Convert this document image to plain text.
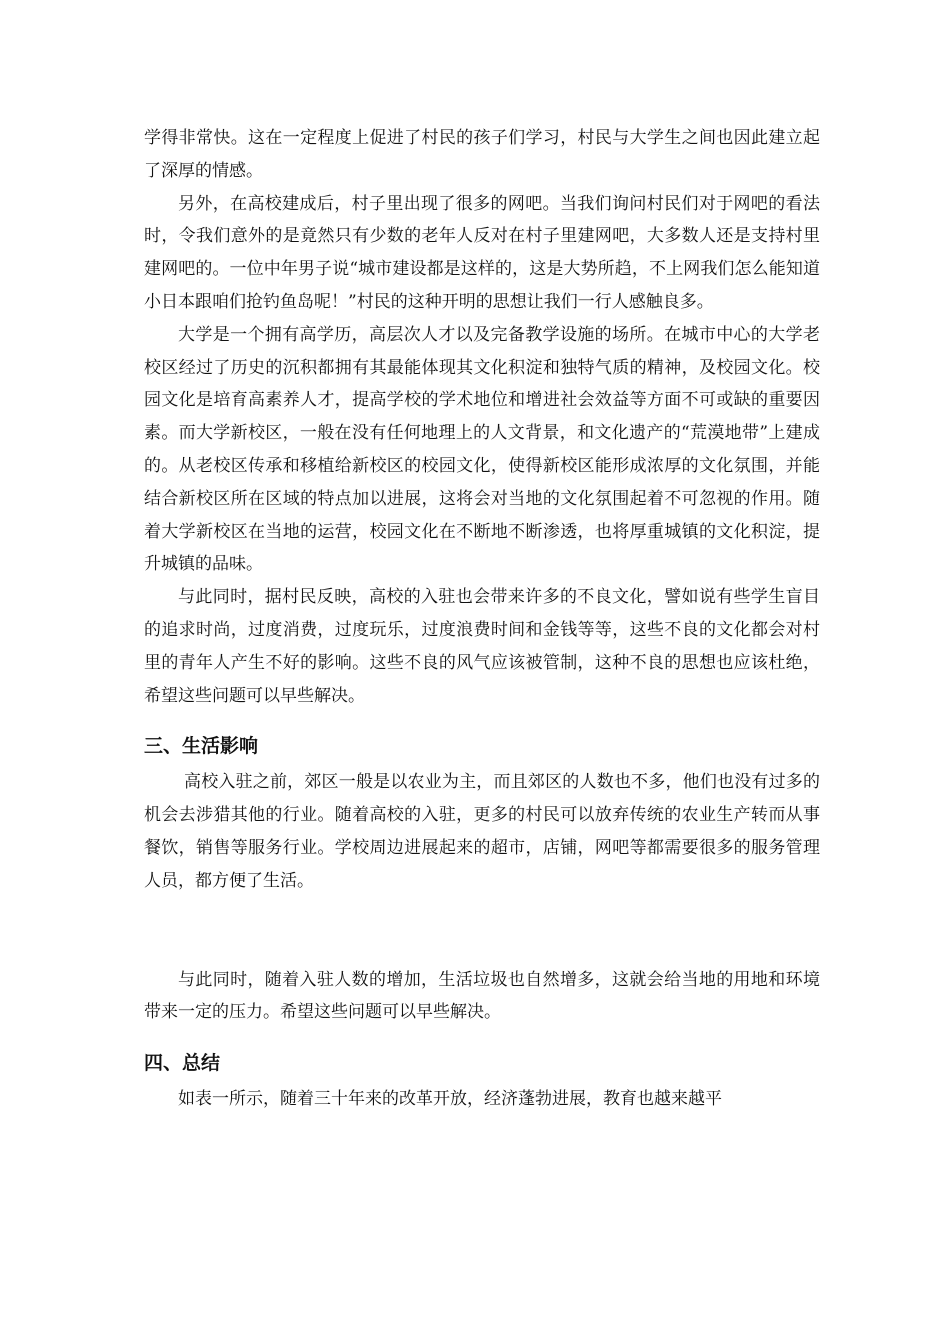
学得非常快。这在一定程度上促进了村民的孩子们学习，村民与大学生之间也因此建立起了深厚的情感。

另外，在高校建成后，村子里出现了很多的网吧。当我们询问村民们对于网吧的看法时，令我们意外的是竟然只有少数的老年人反对在村子里建网吧，大多数人还是支持村里建网吧的。一位中年男子说“城市建设都是这样的，这是大势所趋，不上网我们怎么能知道小日本跟咱们抢钓鱼岛呢！”村民的这种开明的思想让我们一行人感触良多。

大学是一个拥有高学历，高层次人才以及完备教学设施的场所。在城市中心的大学老校区经过了历史的沉积都拥有其最能体现其文化积淀和独特气质的精神，及校园文化。校园文化是培育高素养人才，提高学校的学术地位和增进社会效益等方面不可或缺的重要因素。而大学新校区，一般在没有任何地理上的人文背景，和文化遗产的“荒漠地带”上建成的。从老校区传承和移植给新校区的校园文化，使得新校区能形成浓厚的文化氛围，并能结合新校区所在区域的特点加以进展，这将会对当地的文化氛围起着不可忽视的作用。随着大学新校区在当地的运营，校园文化在不断地不断渗透，也将厚重城镇的文化积淀，提升城镇的品味。

与此同时，据村民反映，高校的入驻也会带来许多的不良文化，譬如说有些学生盲目的追求时尚，过度消费，过度玩乐，过度浪费时间和金钱等等，这些不良的文化都会对村里的青年人产生不好的影响。这些不良的风气应该被管制，这种不良的思想也应该杜绝，希望这些问题可以早些解决。

三、生活影响

高校入驻之前，郊区一般是以农业为主，而且郊区的人数也不多，他们也没有过多的机会去涉猎其他的行业。随着高校的入驻，更多的村民可以放弃传统的农业生产转而从事餐饮，销售等服务行业。学校周边进展起来的超市，店铺，网吧等都需要很多的服务管理人员，都方便了生活。

与此同时，随着入驻人数的增加，生活垃圾也自然增多，这就会给当地的用地和环境带来一定的压力。希望这些问题可以早些解决。

四、总结

如表一所示，随着三十年来的改革开放，经济蓬勃进展，教育也越来越平
